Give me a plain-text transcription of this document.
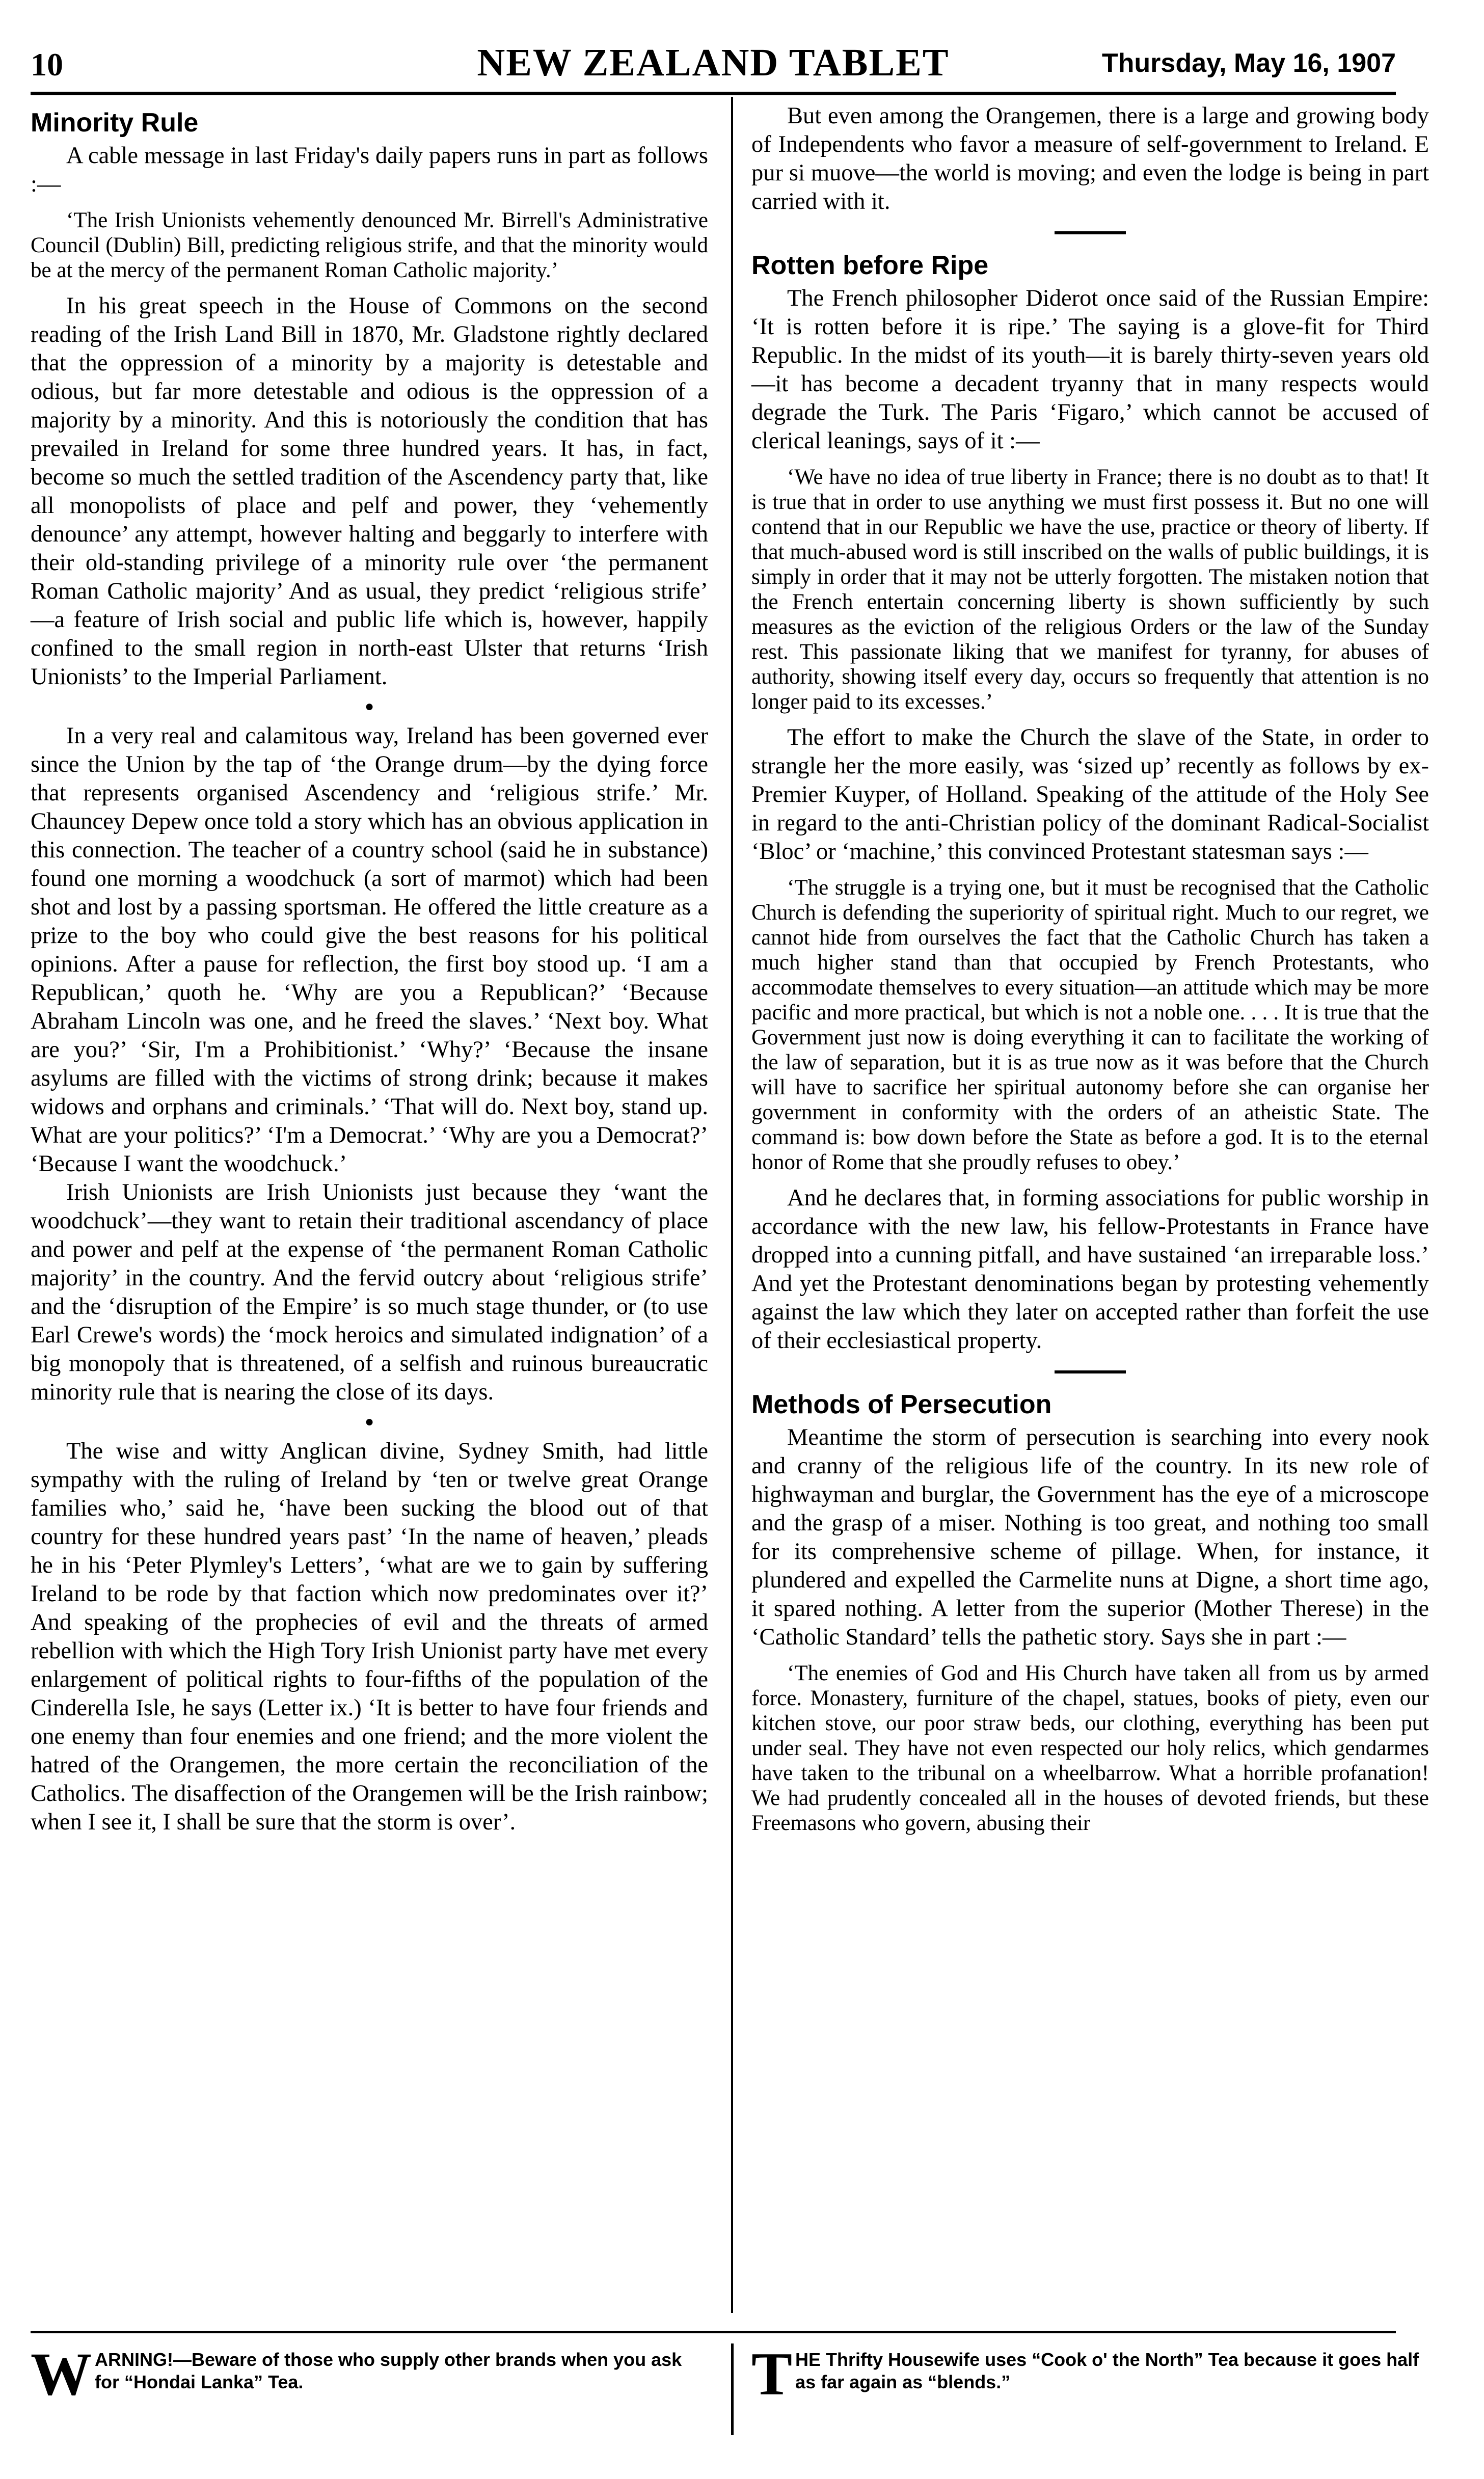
10	NEW ZEALAND TABLET	Thursday, May 16, 1907
Minority Rule

A cable message in last Friday's daily papers runs in part as follows :—

‘The Irish Unionists vehemently denounced Mr. Birrell's Administrative Council (Dublin) Bill, predicting religious strife, and that the minority would be at the mercy of the permanent Roman Catholic majority.’

In his great speech in the House of Commons on the second reading of the Irish Land Bill in 1870, Mr. Gladstone rightly declared that the oppression of a minority by a majority is detestable and odious, but far more detestable and odious is the oppression of a majority by a minority. And this is notoriously the condition that has prevailed in Ireland for some three hundred years. It has, in fact, become so much the settled tradition of the Ascendency party that, like all monopolists of place and pelf and power, they ‘vehemently denounce’ any attempt, however halting and beggarly to interfere with their old-standing privilege of a minority rule over ‘the permanent Roman Catholic majority’ And as usual, they predict ‘religious strife’ —a feature of Irish social and public life which is, however, happily confined to the small region in north-east Ulster that returns ‘Irish Unionists’ to the Imperial Parliament.

●

In a very real and calamitous way, Ireland has been governed ever since the Union by the tap of ‘the Orange drum—by the dying force that represents organised Ascendency and ‘religious strife.’ Mr. Chauncey Depew once told a story which has an obvious application in this connection. The teacher of a country school (said he in substance) found one morning a woodchuck (a sort of marmot) which had been shot and lost by a passing sportsman. He offered the little creature as a prize to the boy who could give the best reasons for his political opinions. After a pause for reflection, the first boy stood up. ‘I am a Republican,’ quoth he. ‘Why are you a Republican?’ ‘Because Abraham Lincoln was one, and he freed the slaves.’ ‘Next boy. What are you?’ ‘Sir, I'm a Prohibitionist.’ ‘Why?’ ‘Because the insane asylums are filled with the victims of strong drink; because it makes widows and orphans and criminals.’ ‘That will do. Next boy, stand up. What are your politics?’ ‘I'm a Democrat.’ ‘Why are you a Democrat?’ ‘Because I want the woodchuck.’

Irish Unionists are Irish Unionists just because they ‘want the woodchuck’—they want to retain their traditional ascendancy of place and power and pelf at the expense of ‘the permanent Roman Catholic majority’ in the country. And the fervid outcry about ‘religious strife’ and the ‘disruption of the Empire’ is so much stage thunder, or (to use Earl Crewe's words) the ‘mock heroics and simulated indignation’ of a big monopoly that is threatened, of a selfish and ruinous bureaucratic minority rule that is nearing the close of its days.

●

The wise and witty Anglican divine, Sydney Smith, had little sympathy with the ruling of Ireland by ‘ten or twelve great Orange families who,’ said he, ‘have been sucking the blood out of that country for these hundred years past’ ‘In the name of heaven,’ pleads he in his ‘Peter Plymley's Letters’, ‘what are we to gain by suffering Ireland to be rode by that faction which now predominates over it?’ And speaking of the prophecies of evil and the threats of armed rebellion with which the High Tory Irish Unionist party have met every enlargement of political rights to four-fifths of the population of the Cinderella Isle, he says (Letter ix.) ‘It is better to have four friends and one enemy than four enemies and one friend; and the more violent the hatred of the Orangemen, the more certain the reconciliation of the Catholics. The disaffection of the Orangemen will be the Irish rainbow; when I see it, I shall be sure that the storm is over’.

But even among the Orangemen, there is a large and growing body of Independents who favor a measure of self-government to Ireland. E pur si muove—the world is moving; and even the lodge is being in part carried with it.

Rotten before Ripe

The French philosopher Diderot once said of the Russian Empire: ‘It is rotten before it is ripe.’ The saying is a glove-fit for Third Republic. In the midst of its youth—it is barely thirty-seven years old—it has become a decadent tryanny that in many respects would degrade the Turk. The Paris ‘Figaro,’ which cannot be accused of clerical leanings, says of it :—

‘We have no idea of true liberty in France; there is no doubt as to that! It is true that in order to use anything we must first possess it. But no one will contend that in our Republic we have the use, practice or theory of liberty. If that much-abused word is still inscribed on the walls of public buildings, it is simply in order that it may not be utterly forgotten. The mistaken notion that the French entertain concerning liberty is shown sufficiently by such measures as the eviction of the religious Orders or the law of the Sunday rest. This passionate liking that we manifest for tyranny, for abuses of authority, showing itself every day, occurs so frequently that attention is no longer paid to its excesses.’

The effort to make the Church the slave of the State, in order to strangle her the more easily, was ‘sized up’ recently as follows by ex-Premier Kuyper, of Holland. Speaking of the attitude of the Holy See in regard to the anti-Christian policy of the dominant Radical-Socialist ‘Bloc’ or ‘machine,’ this convinced Protestant statesman says :—

‘The struggle is a trying one, but it must be recognised that the Catholic Church is defending the superiority of spiritual right. Much to our regret, we cannot hide from ourselves the fact that the Catholic Church has taken a much higher stand than that occupied by French Protestants, who accommodate themselves to every situation—an attitude which may be more pacific and more practical, but which is not a noble one. . . . It is true that the Government just now is doing everything it can to facilitate the working of the law of separation, but it is as true now as it was before that the Church will have to sacrifice her spiritual autonomy before she can organise her government in conformity with the orders of an atheistic State. The command is: bow down before the State as before a god. It is to the eternal honor of Rome that she proudly refuses to obey.’

And he declares that, in forming associations for public worship in accordance with the new law, his fellow-Protestants in France have dropped into a cunning pitfall, and have sustained ‘an irreparable loss.’ And yet the Protestant denominations began by protesting vehemently against the law which they later on accepted rather than forfeit the use of their ecclesiastical property.

Methods of Persecution

Meantime the storm of persecution is searching into every nook and cranny of the religious life of the country. In its new role of highwayman and burglar, the Government has the eye of a microscope and the grasp of a miser. Nothing is too great, and nothing too small for its comprehensive scheme of pillage. When, for instance, it plundered and expelled the Carmelite nuns at Digne, a short time ago, it spared nothing. A letter from the superior (Mother Therese) in the ‘Catholic Standard’ tells the pathetic story. Says she in part :—

‘The enemies of God and His Church have taken all from us by armed force. Monastery, furniture of the chapel, statues, books of piety, even our kitchen stove, our poor straw beds, our clothing, everything has been put under seal. They have not even respected our holy relics, which gendarmes have taken to the tribunal on a wheelbarrow. What a horrible profanation! We had prudently concealed all in the houses of devoted friends, but these Freemasons who govern, abusing their
W ARNING!—Beware of those who supply other brands when you ask for “Hondai Lanka” Tea.	T HE Thrifty Housewife uses “Cook o' the North” Tea because it goes half as far again as “blends.”
